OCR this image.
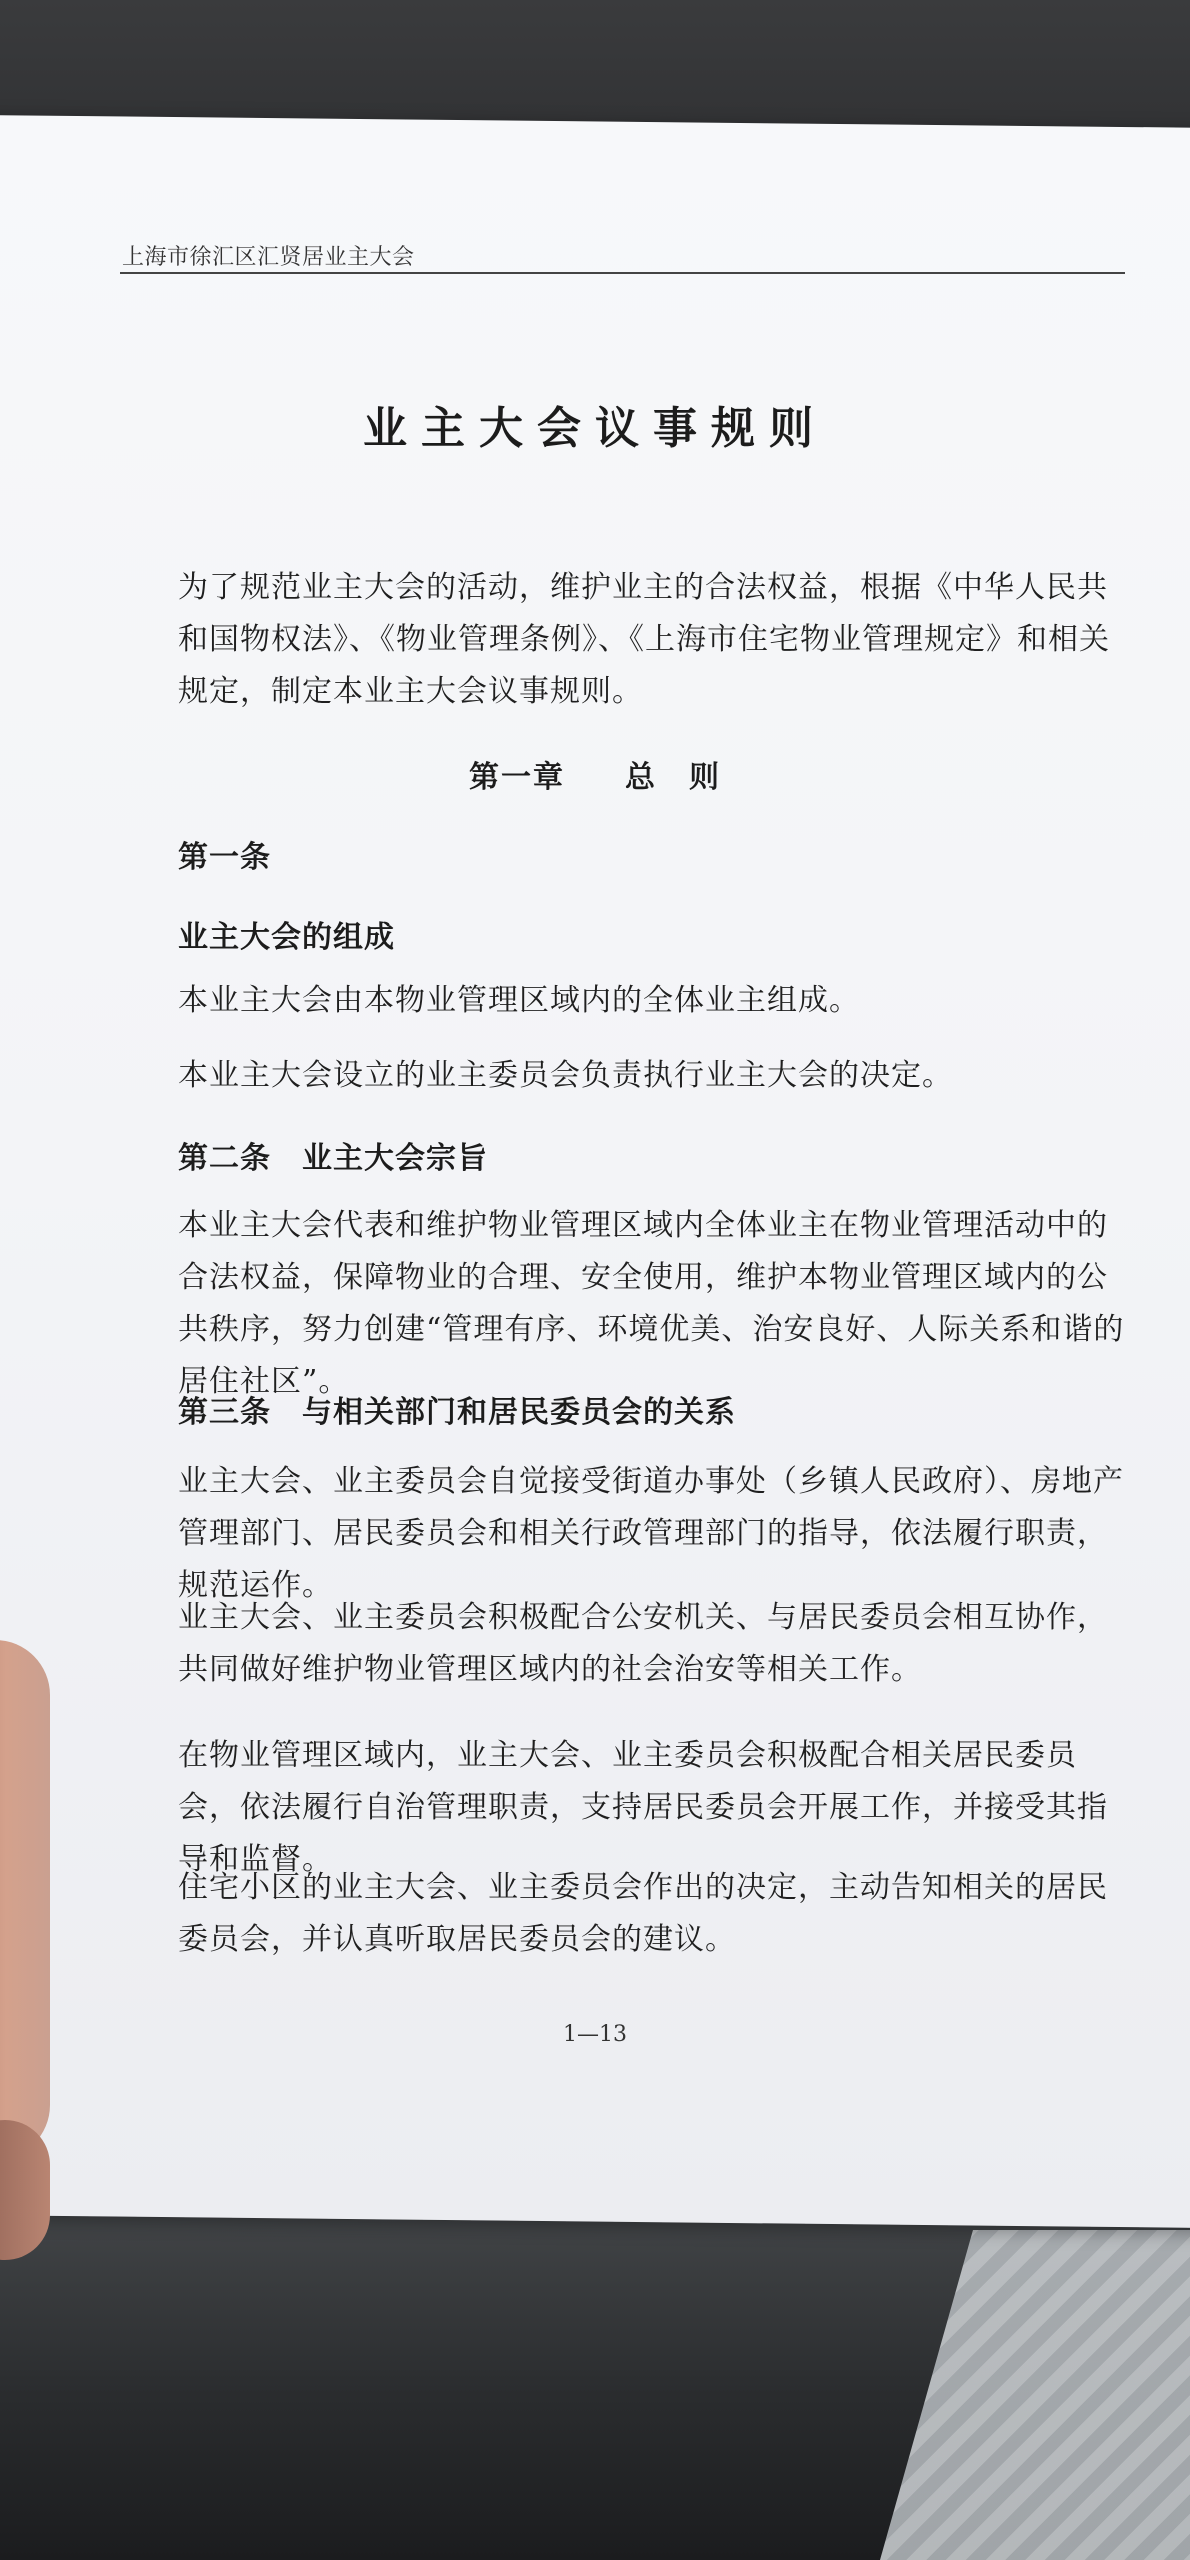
上海市徐汇区汇贤居业主大会
业主大会议事规则

为了规范业主大会的活动，维护业主的合法权益，根据《中华人民共和国物权法》、《物业管理条例》、《上海市住宅物业管理规定》和相关规定，制定本业主大会议事规则。

第一章 总　则
第一条
业主大会的组成
本业主大会由本物业管理区域内的全体业主组成。
本业主大会设立的业主委员会负责执行业主大会的决定。
第二条　业主大会宗旨

本业主大会代表和维护物业管理区域内全体业主在物业管理活动中的合法权益，保障物业的合理、安全使用，维护本物业管理区域内的公共秩序，努力创建“管理有序、环境优美、治安良好、人际关系和谐的居住社区”。

第三条　与相关部门和居民委员会的关系

业主大会、业主委员会自觉接受街道办事处（乡镇人民政府）、房地产管理部门、居民委员会和相关行政管理部门的指导，依法履行职责，规范运作。

业主大会、业主委员会积极配合公安机关、与居民委员会相互协作，共同做好维护物业管理区域内的社会治安等相关工作。

在物业管理区域内，业主大会、业主委员会积极配合相关居民委员会，依法履行自治管理职责，支持居民委员会开展工作，并接受其指导和监督。

住宅小区的业主大会、业主委员会作出的决定，主动告知相关的居民委员会，并认真听取居民委员会的建议。

1—13
